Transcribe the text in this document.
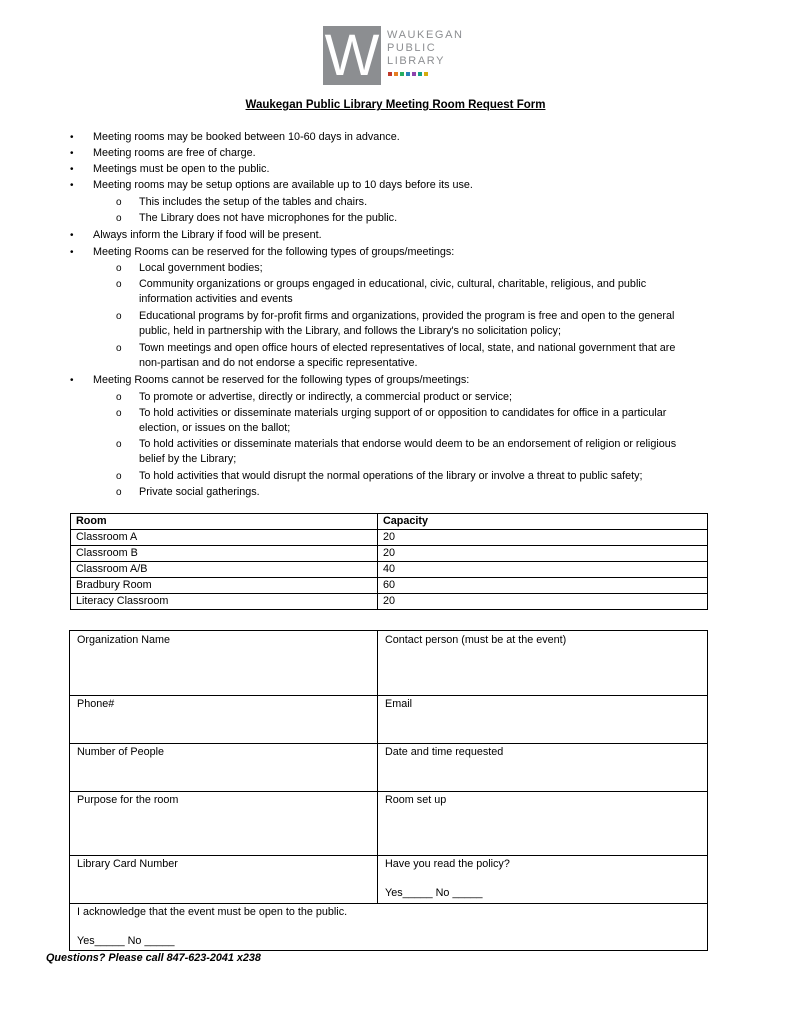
W WAUKEGAN
PUBLIC
LIBRARY
Waukegan Public Library Meeting Room Request Form
• Meeting rooms may be booked between 10-60 days in advance.
• Meeting rooms are free of charge.
• Meetings must be open to the public.
• Meeting rooms may be setup options are available up to 10 days before its use.
o This includes the setup of the tables and chairs.
o The Library does not have microphones for the public.
• Always inform the Library if food will be present.
• Meeting Rooms can be reserved for the following types of groups/meetings:
o Local government bodies;
o Community organizations or groups engaged in educational, civic, cultural, charitable, religious, and public
information activities and events
o Educational programs by for-profit firms and organizations, provided the program is free and open to the general
public, held in partnership with the Library, and follows the Library's no solicitation policy;
o Town meetings and open office hours of elected representatives of local, state, and national government that are
non-partisan and do not endorse a specific representative.
• Meeting Rooms cannot be reserved for the following types of groups/meetings:
o To promote or advertise, directly or indirectly, a commercial product or service;
o To hold activities or disseminate materials urging support of or opposition to candidates for office in a particular
election, or issues on the ballot;
o To hold activities or disseminate materials that endorse would deem to be an endorsement of religion or religious
belief by the Library;
o To hold activities that would disrupt the normal operations of the library or involve a threat to public safety;
o Private social gatherings.
Room	Capacity
Classroom A	20
Classroom B	20
Classroom A/B	40
Bradbury Room	60
Literacy Classroom	20
Organization Name	Contact person (must be at the event)
Phone#	Email
Number of People	Date and time requested
Purpose for the room	Room set up
Library Card Number	Have you read the policy?
Yes_____ No _____
I acknowledge that the event must be open to the public.
Yes_____ No _____
Questions? Please call 847-623-2041 x238
